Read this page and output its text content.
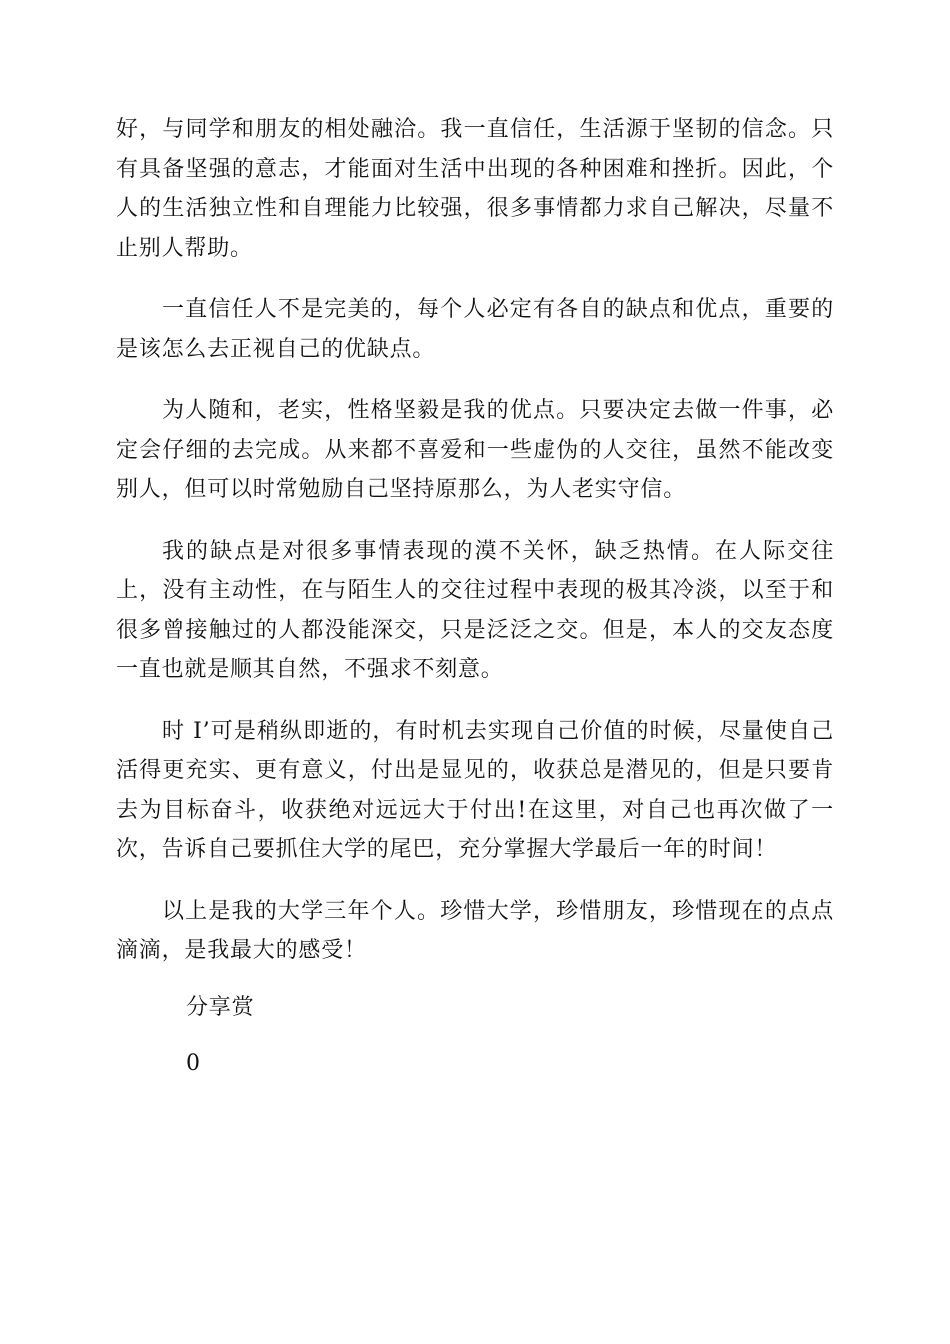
好，与同学和朋友的相处融洽。我一直信任，生活源于坚韧的信念。只有具备坚强的意志，才能面对生活中出现的各种困难和挫折。因此，个人的生活独立性和自理能力比较强，很多事情都力求自己解决，尽量不止别人帮助。

一直信任人不是完美的，每个人必定有各自的缺点和优点，重要的是该怎么去正视自己的优缺点。

为人随和，老实，性格坚毅是我的优点。只要决定去做一件事，必定会仔细的去完成。从来都不喜爱和一些虚伪的人交往，虽然不能改变别人，但可以时常勉励自己坚持原那么，为人老实守信。

我的缺点是对很多事情表现的漠不关怀，缺乏热情。在人际交往上，没有主动性，在与陌生人的交往过程中表现的极其冷淡，以至于和很多曾接触过的人都没能深交，只是泛泛之交。但是，本人的交友态度一直也就是顺其自然，不强求不刻意。

时 I’可是稍纵即逝的，有时机去实现自己价值的时候，尽量使自己活得更充实、更有意义，付出是显见的，收获总是潜见的，但是只要肯去为目标奋斗，收获绝对远远大于付出!在这里，对自己也再次做了一次，告诉自己要抓住大学的尾巴，充分掌握大学最后一年的时间！

以上是我的大学三年个人。珍惜大学，珍惜朋友，珍惜现在的点点滴滴，是我最大的感受！

分享赏
0
